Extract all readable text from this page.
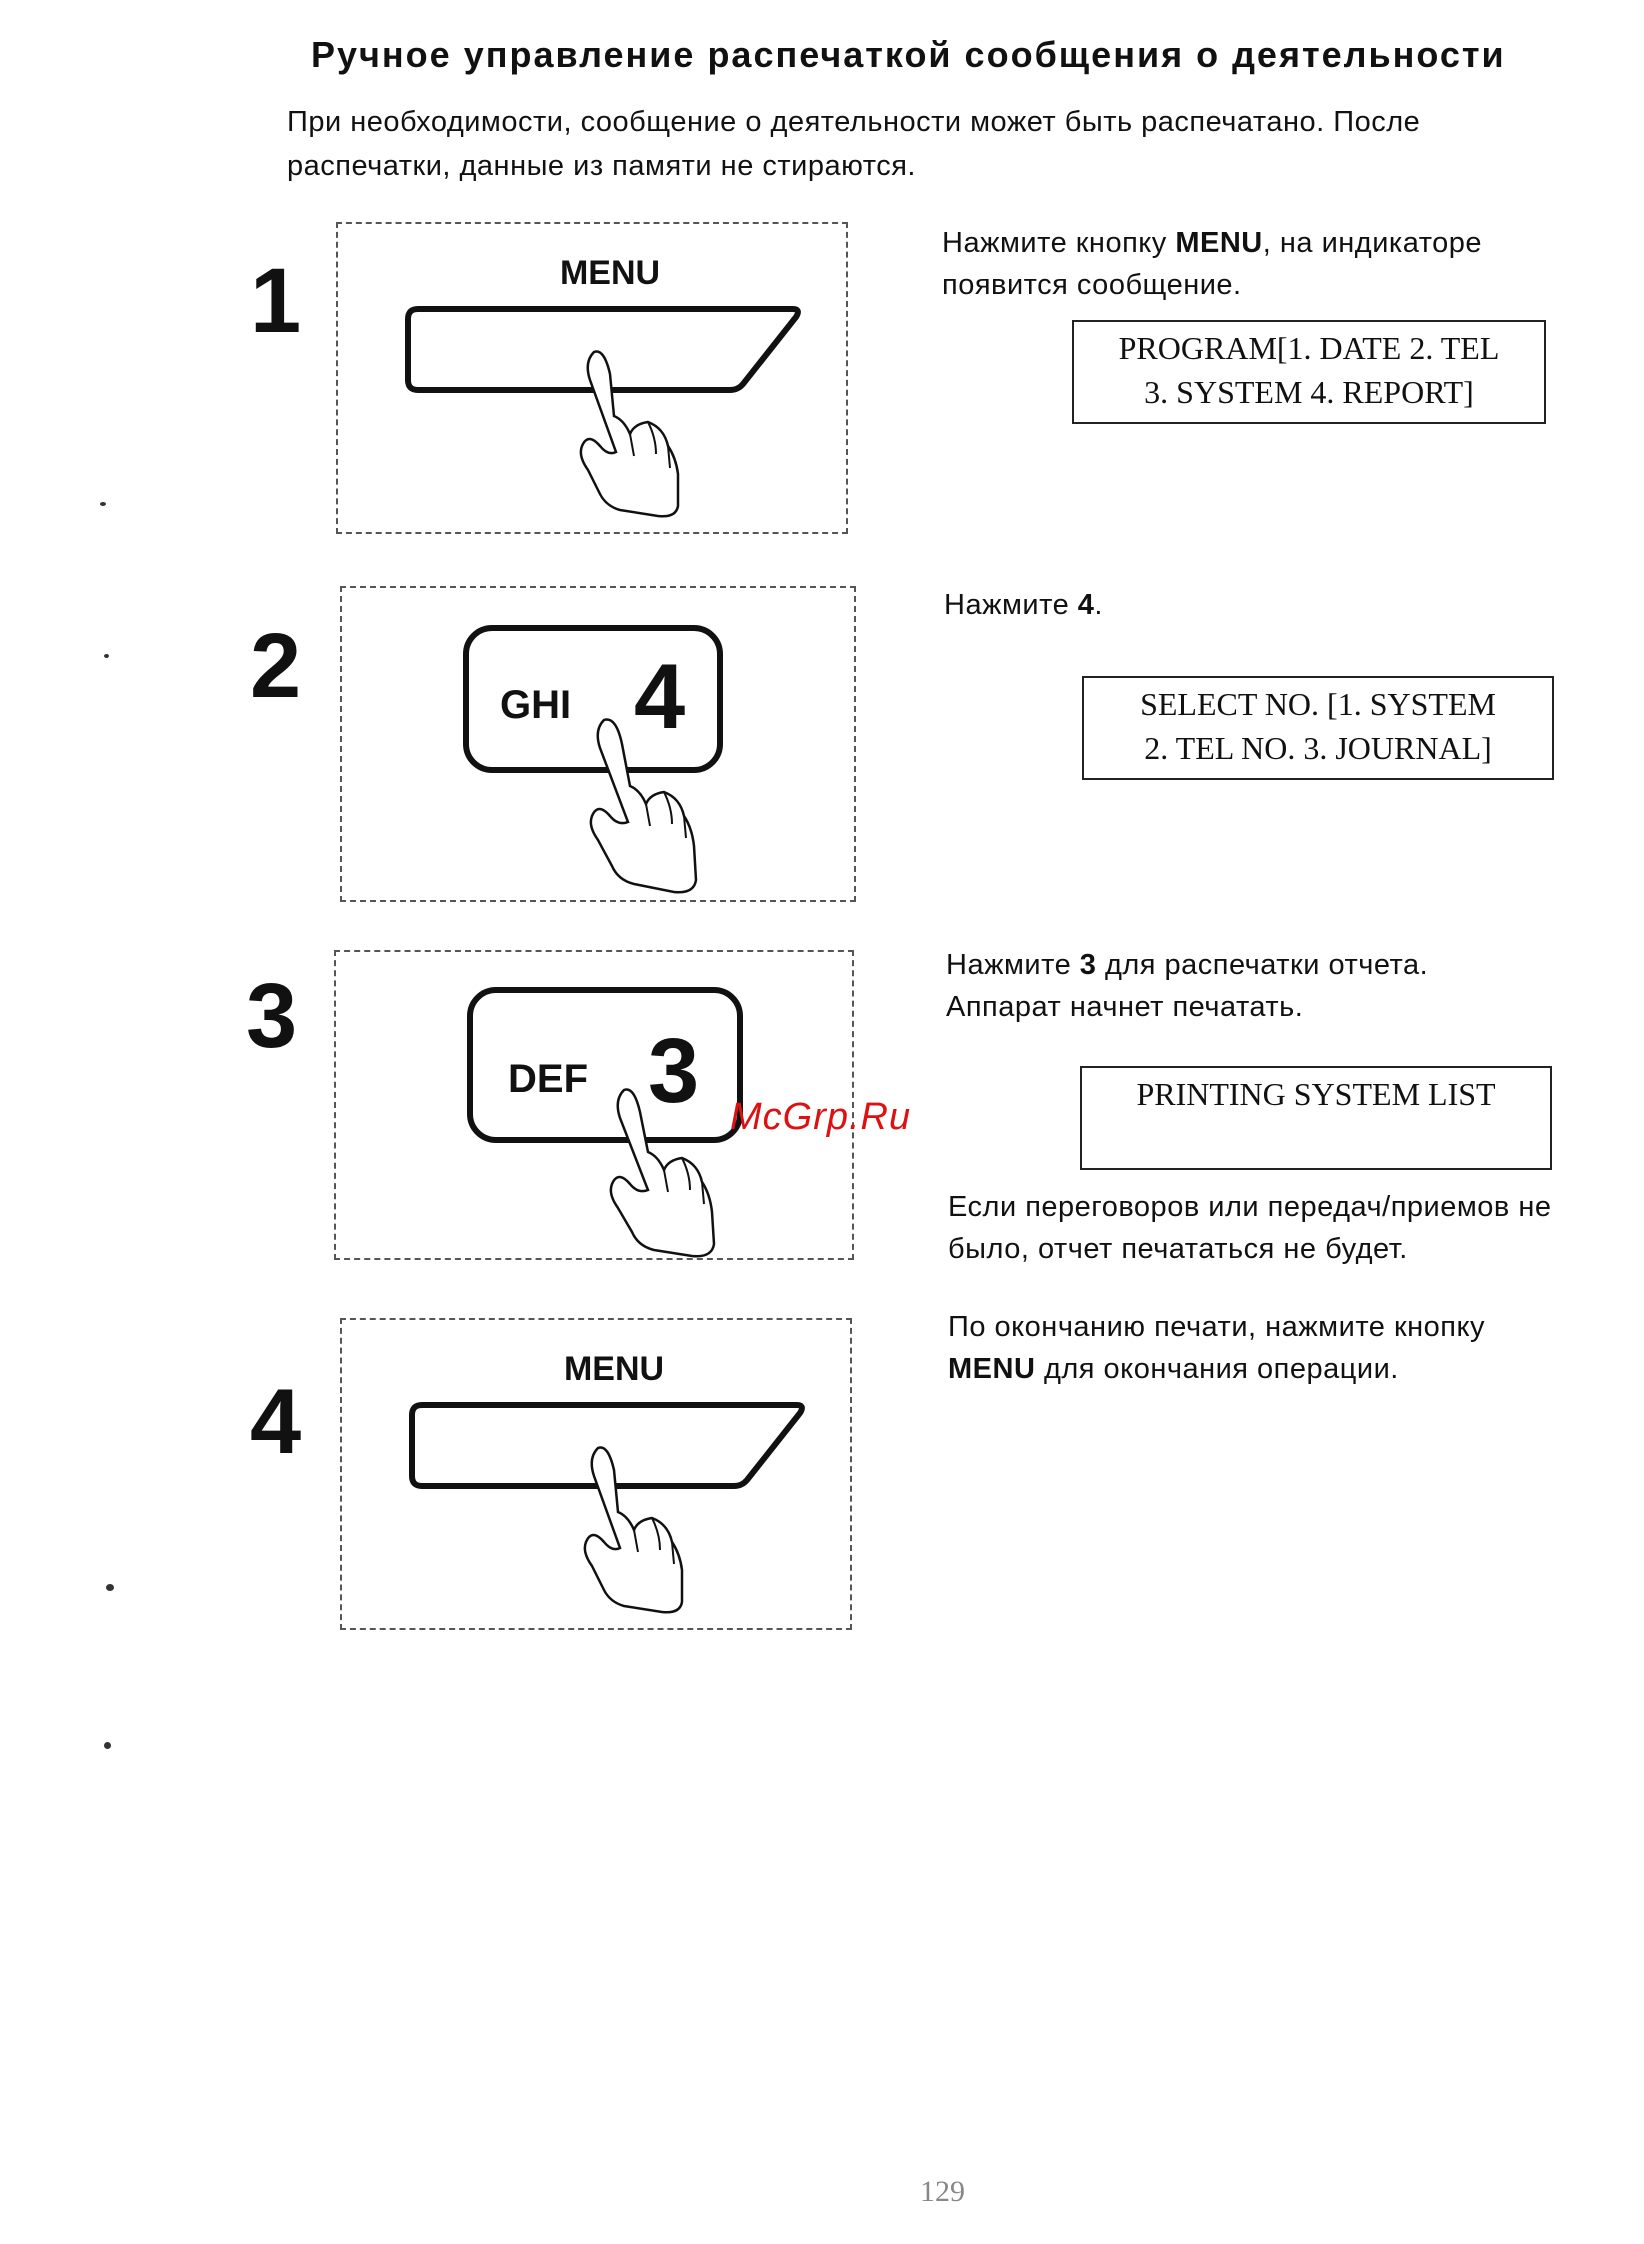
Ручное управление распечаткой сообщения о деятельности
При необходимости, сообщение о деятельности может быть распечатано. После
распечатки, данные из памяти не стираются.
1	MENU
Нажмите кнопку MENU, на индикаторе
появится сообщение.
PROGRAM[1. DATE 2. TEL
3. SYSTEM 4. REPORT]
2	GHI 4
Нажмите 4.
SELECT NO. [1. SYSTEM
2. TEL NO. 3. JOURNAL]
3
DEF 3
Нажмите 3 для распечатки отчета.
Аппарат начнет печатать.
PRINTING SYSTEM LIST
Если переговоров или передач/приемов не
было, отчет печататься не будет.
4
MENU
По окончанию печати, нажмите кнопку
MENU для окончания операции.
McGrp.Ru
129
